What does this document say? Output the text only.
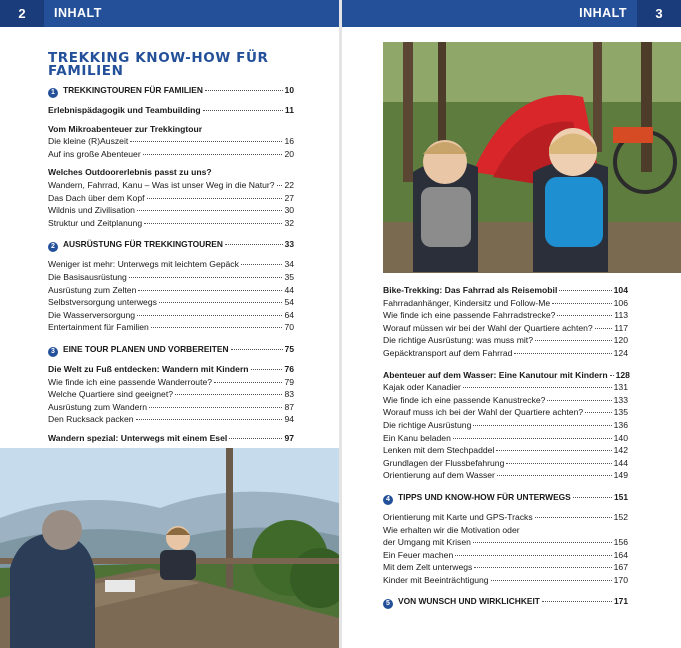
2	INHALT	INHALT	3
TREKKING KNOW-HOW FÜR FAMILIEN
1 TREKKINGTOUREN FÜR FAMILIEN	10
Erlebnispädagogik und Teambuilding	11
Vom Mikroabenteuer zur Trekkingtour
Die kleine (R)Auszeit	16
Auf ins große Abenteuer	20
Welches Outdoorerlebnis passt zu uns?
Wandern, Fahrrad, Kanu – Was ist unser Weg in die Natur? 22
Das Dach über dem Kopf	27
Wildnis und Zivilisation	30
Struktur und Zeitplanung	32
2 AUSRÜSTUNG FÜR TREKKINGTOUREN	33
Weniger ist mehr: Unterwegs mit leichtem Gepäck	34
Die Basisausrüstung	35
Ausrüstung zum Zelten	44
Selbstversorgung unterwegs	54
Die Wasserversorgung	64
Entertainment für Familien	70
3 EINE TOUR PLANEN UND VORBEREITEN	75
Die Welt zu Fuß entdecken: Wandern mit Kindern	76
Wie finde ich eine passende Wanderroute?	79
Welche Quartiere sind geeignet?	83
Ausrüstung zum Wandern	87
Den Rucksack packen	94
Wandern spezial: Unterwegs mit einem Esel	97
Bike-Trekking: Das Fahrrad als Reisemobil	104
Fahrradanhänger, Kindersitz und Follow-Me	106
Wie finde ich eine passende Fahrradstrecke?	113
Worauf müssen wir bei der Wahl der Quartiere achten?	117
Die richtige Ausrüstung: was muss mit?	120
Gepäcktransport auf dem Fahrrad	124
Abenteuer auf dem Wasser: Eine Kanutour mit Kindern 128
Kajak oder Kanadier	131
Wie finde ich eine passende Kanustrecke?	133
Worauf muss ich bei der Wahl der Quartiere achten?	135
Die richtige Ausrüstung	136
Ein Kanu beladen	140
Lenken mit dem Stechpaddel	142
Grundlagen der Flussbefahrung	144
Orientierung auf dem Wasser	149
4 TIPPS UND KNOW-HOW FÜR UNTERWEGS	151
Orientierung mit Karte und GPS-Tracks	152
Wie erhalten wir die Motivation oder
der Umgang mit Krisen	156
Ein Feuer machen	164
Mit dem Zelt unterwegs	167
Kinder mit Beeinträchtigung	170
5 VON WUNSCH UND WIRKLICHKEIT	171
